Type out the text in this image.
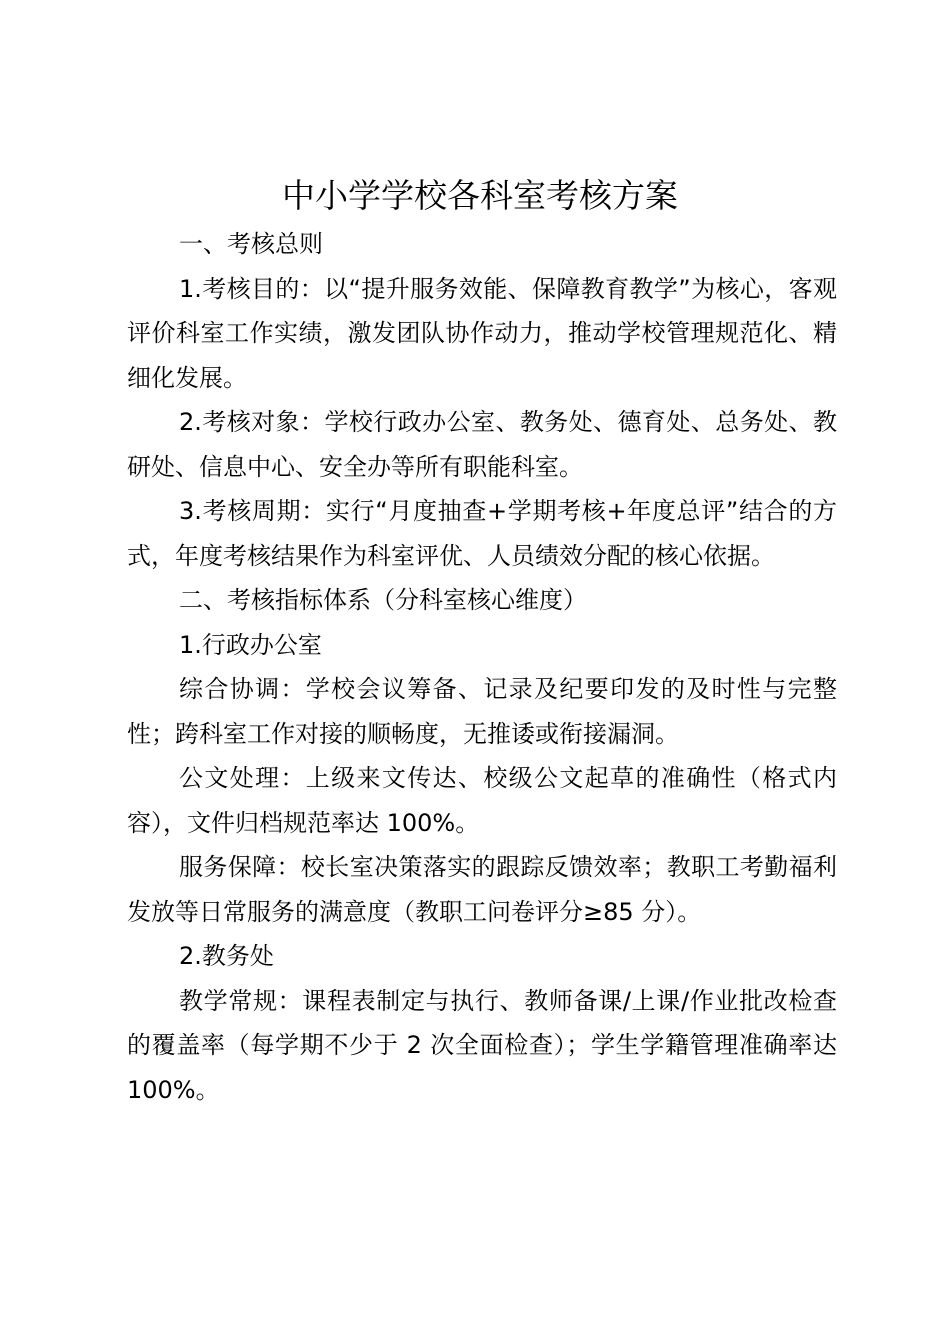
中小学学校各科室考核方案

一、考核总则

1.考核目的：以“提升服务效能、保障教育教学”为核心，客观评价科室工作实绩，激发团队协作动力，推动学校管理规范化、精细化发展。

2.考核对象：学校行政办公室、教务处、德育处、总务处、教研处、信息中心、安全办等所有职能科室。

3.考核周期：实行“月度抽查+学期考核+年度总评”结合的方式，年度考核结果作为科室评优、人员绩效分配的核心依据。

二、考核指标体系（分科室核心维度）

1.行政办公室

综合协调：学校会议筹备、记录及纪要印发的及时性与完整性；跨科室工作对接的顺畅度，无推诿或衔接漏洞。

公文处理：上级来文传达、校级公文起草的准确性（格式内容），文件归档规范率达 100%。

服务保障：校长室决策落实的跟踪反馈效率；教职工考勤福利发放等日常服务的满意度（教职工问卷评分≥85 分）。

2.教务处

教学常规：课程表制定与执行、教师备课/上课/作业批改检查的覆盖率（每学期不少于 2 次全面检查）；学生学籍管理准确率达 100%。
